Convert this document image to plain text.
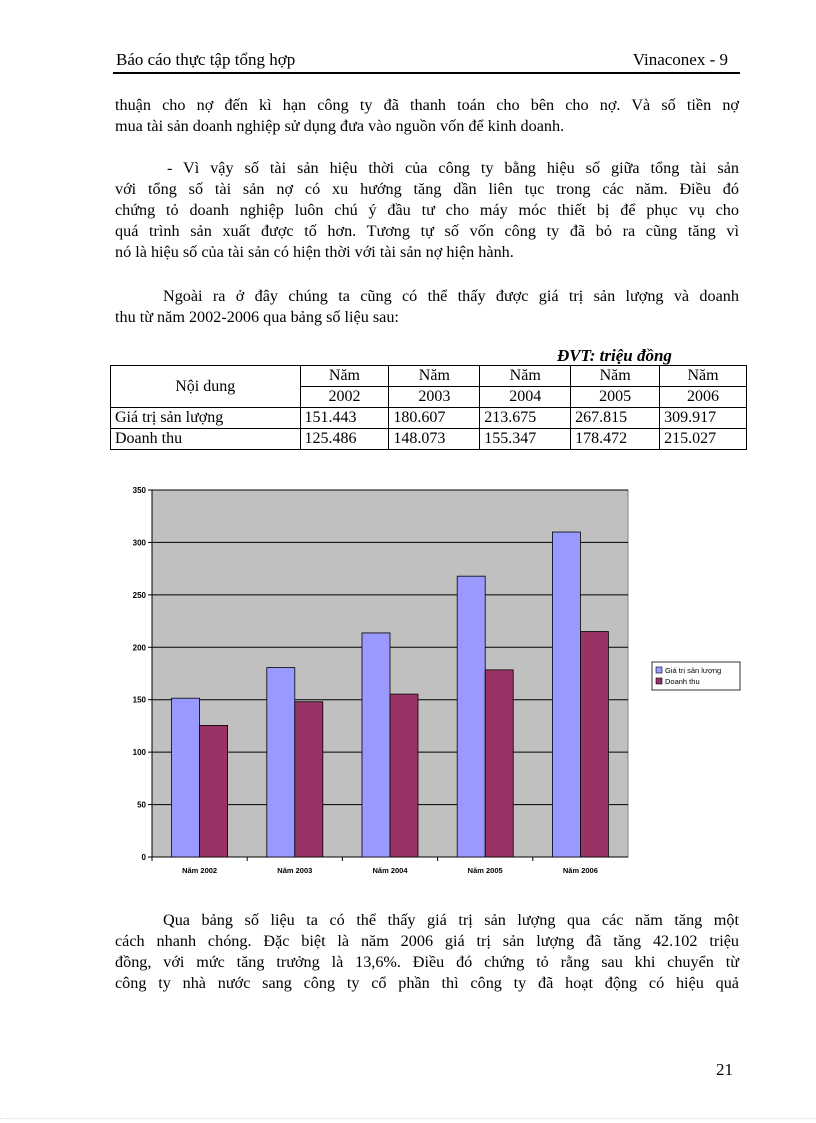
Báo cáo thực tập tổng hợp	Vinaconex - 9
thuận cho nợ đến kì hạn công ty đã thanh toán cho bên cho nợ. Và số tiền nợ
mua tài sản doanh nghiệp sử dụng đưa vào nguồn vốn để kinh doanh.
- Vì vậy số tài sản hiệu thời của công ty bằng hiệu số giữa tổng tài sản
với tổng số tài sản nợ có xu hướng tăng dần liên tục trong các năm. Điều đó
chứng tỏ doanh nghiệp luôn chú ý đầu tư cho máy móc thiết bị để phục vụ cho
quá trình sản xuất được tố hơn. Tương tự số vốn công ty đã bỏ ra cũng tăng vì
nó là hiệu số của tài sản có hiện thời với tài sản nợ hiện hành.
Ngoài ra ở đây chúng ta cũng có thể thấy được giá trị sản lượng và doanh
thu từ năm 2002-2006 qua bảng số liệu sau:
ĐVT: triệu đồng
Nội dung	Năm	Năm	Năm	Năm	Năm
	2002	2003	2004	2005	2006
Giá trị sản lượng	151.443	180.607	213.675	267.815	309.917
Doanh thu	125.486	148.073	155.347	178.472	215.027
0
50
100
150
200
250
300
350
Năm 2002	Năm 2003	Năm 2004	Năm 2005	Năm 2006
Giá trị sản lượng
Doanh thu
Qua bảng số liệu ta có thể thấy giá trị sản lượng qua các năm tăng một
cách nhanh chóng. Đặc biệt là năm 2006 giá trị sản lượng đã tăng 42.102 triệu
đồng, với mức tăng trưởng là 13,6%. Điều đó chứng tỏ rằng sau khi chuyển từ
công ty nhà nước sang công ty cổ phần thì công ty đã hoạt động có hiệu quả
21
